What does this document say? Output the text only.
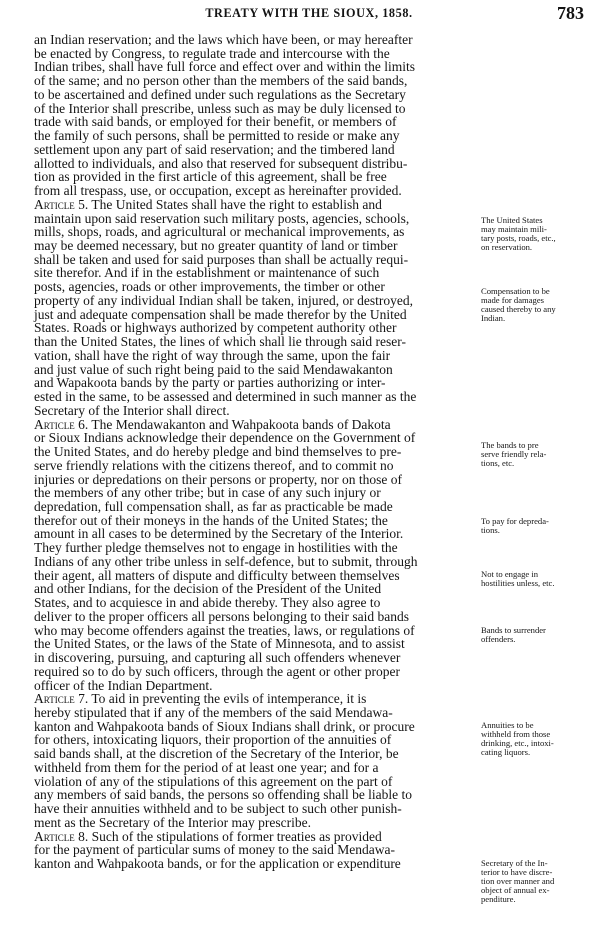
TREATY WITH THE SIOUX, 1858.	783
an Indian reservation; and the laws which have been, or may hereafter
be enacted by Congress, to regulate trade and intercourse with the
Indian tribes, shall have full force and effect over and within the limits
of the same; and no person other than the members of the said bands,
to be ascertained and defined under such regulations as the Secretary
of the Interior shall prescribe, unless such as may be duly licensed to
trade with said bands, or employed for their benefit, or members of
the family of such persons, shall be permitted to reside or make any
settlement upon any part of said reservation; and the timbered land
allotted to individuals, and also that reserved for subsequent distribu-
tion as provided in the first article of this agreement, shall be free
from all trespass, use, or occupation, except as hereinafter provided.
Article 5. The United States shall have the right to establish and
maintain upon said reservation such military posts, agencies, schools,
mills, shops, roads, and agricultural or mechanical improvements, as
may be deemed necessary, but no greater quantity of land or timber
shall be taken and used for said purposes than shall be actually requi-
site therefor. And if in the establishment or maintenance of such
posts, agencies, roads or other improvements, the timber or other
property of any individual Indian shall be taken, injured, or destroyed,
just and adequate compensation shall be made therefor by the United
States. Roads or highways authorized by competent authority other
than the United States, the lines of which shall lie through said reser-
vation, shall have the right of way through the same, upon the fair
and just value of such right being paid to the said Mendawakanton
and Wapakoota bands by the party or parties authorizing or inter-
ested in the same, to be assessed and determined in such manner as the
Secretary of the Interior shall direct.
Article 6. The Mendawakanton and Wahpakoota bands of Dakota
or Sioux Indians acknowledge their dependence on the Government of
the United States, and do hereby pledge and bind themselves to pre-
serve friendly relations with the citizens thereof, and to commit no
injuries or depredations on their persons or property, nor on those of
the members of any other tribe; but in case of any such injury or
depredation, full compensation shall, as far as practicable be made
therefor out of their moneys in the hands of the United States; the
amount in all cases to be determined by the Secretary of the Interior.
They further pledge themselves not to engage in hostilities with the
Indians of any other tribe unless in self-defence, but to submit, through
their agent, all matters of dispute and difficulty between themselves
and other Indians, for the decision of the President of the United
States, and to acquiesce in and abide thereby. They also agree to
deliver to the proper officers all persons belonging to their said bands
who may become offenders against the treaties, laws, or regulations of
the United States, or the laws of the State of Minnesota, and to assist
in discovering, pursuing, and capturing all such offenders whenever
required so to do by such officers, through the agent or other proper
officer of the Indian Department.
Article 7. To aid in preventing the evils of intemperance, it is
hereby stipulated that if any of the members of the said Mendawa-
kanton and Wahpakoota bands of Sioux Indians shall drink, or procure
for others, intoxicating liquors, their proportion of the annuities of
said bands shall, at the discretion of the Secretary of the Interior, be
withheld from them for the period of at least one year; and for a
violation of any of the stipulations of this agreement on the part of
any members of said bands, the persons so offending shall be liable to
have their annuities withheld and to be subject to such other punish-
ment as the Secretary of the Interior may prescribe.
Article 8. Such of the stipulations of former treaties as provided
for the payment of particular sums of money to the said Mendawa-
kanton and Wahpakoota bands, or for the application or expenditure
The United States
may maintain mili-
tary posts, roads, etc.,
on reservation.
Compensation to be
made for damages
caused thereby to any
Indian.
The bands to pre
serve friendly rela-
tions, etc.
To pay for depreda-
tions.
Not to engage in
hostilities unless, etc.
Bands to surrender
offenders.
Annuities to be
withheld from those
drinking, etc., intoxi-
cating liquors.
Secretary of the In-
terior to have discre-
tion over manner and
object of annual ex-
penditure.
